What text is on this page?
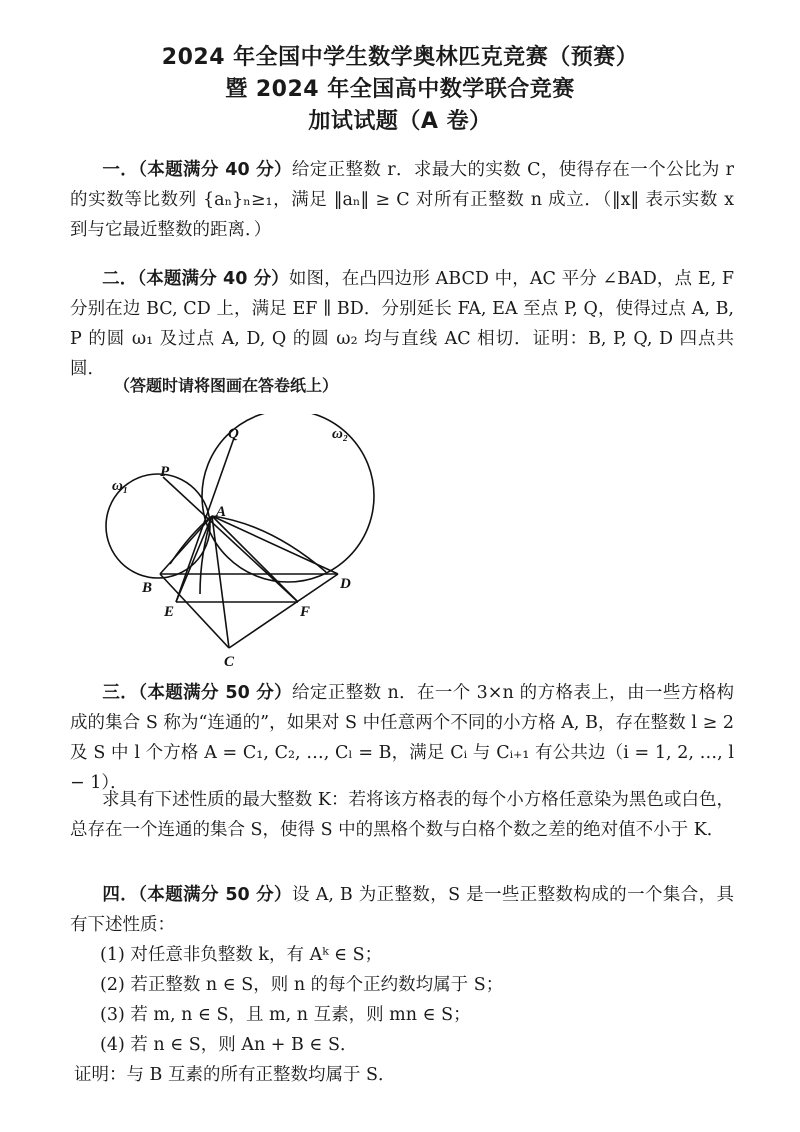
2024 年全国中学生数学奥林匹克竞赛（预赛）
暨 2024 年全国高中数学联合竞赛
加试试题（A 卷）
一．（本题满分 40 分）给定正整数 r．求最大的实数 C，使得存在一个公比为 r 的实数等比数列 {aₙ}ₙ≥₁，满足 ‖aₙ‖ ≥ C 对所有正整数 n 成立．（‖x‖ 表示实数 x 到与它最近整数的距离．）
二．（本题满分 40 分）如图，在凸四边形 ABCD 中，AC 平分 ∠BAD，点 E, F 分别在边 BC, CD 上，满足 EF ∥ BD．分别延长 FA, EA 至点 P, Q，使得过点 A, B, P 的圆 ω₁ 及过点 A, D, Q 的圆 ω₂ 均与直线 AC 相切．证明：B, P, Q, D 四点共圆．
（答题时请将图画在答卷纸上）
Q	ω₂
P
ω₁
A
B	D
E	F
C
三．（本题满分 50 分）给定正整数 n．在一个 3×n 的方格表上，由一些方格构成的集合 S 称为“连通的”，如果对 S 中任意两个不同的小方格 A, B，存在整数 l ≥ 2 及 S 中 l 个方格 A = C₁, C₂, …, Cₗ = B，满足 Cᵢ 与 Cᵢ₊₁ 有公共边（i = 1, 2, …, l − 1）．
求具有下述性质的最大整数 K：若将该方格表的每个小方格任意染为黑色或白色，总存在一个连通的集合 S，使得 S 中的黑格个数与白格个数之差的绝对值不小于 K．
四．（本题满分 50 分）设 A, B 为正整数，S 是一些正整数构成的一个集合，具有下述性质：
(1) 对任意非负整数 k，有 Aᵏ ∈ S；
(2) 若正整数 n ∈ S，则 n 的每个正约数均属于 S；
(3) 若 m, n ∈ S，且 m, n 互素，则 mn ∈ S；
(4) 若 n ∈ S，则 An + B ∈ S．
证明：与 B 互素的所有正整数均属于 S．
